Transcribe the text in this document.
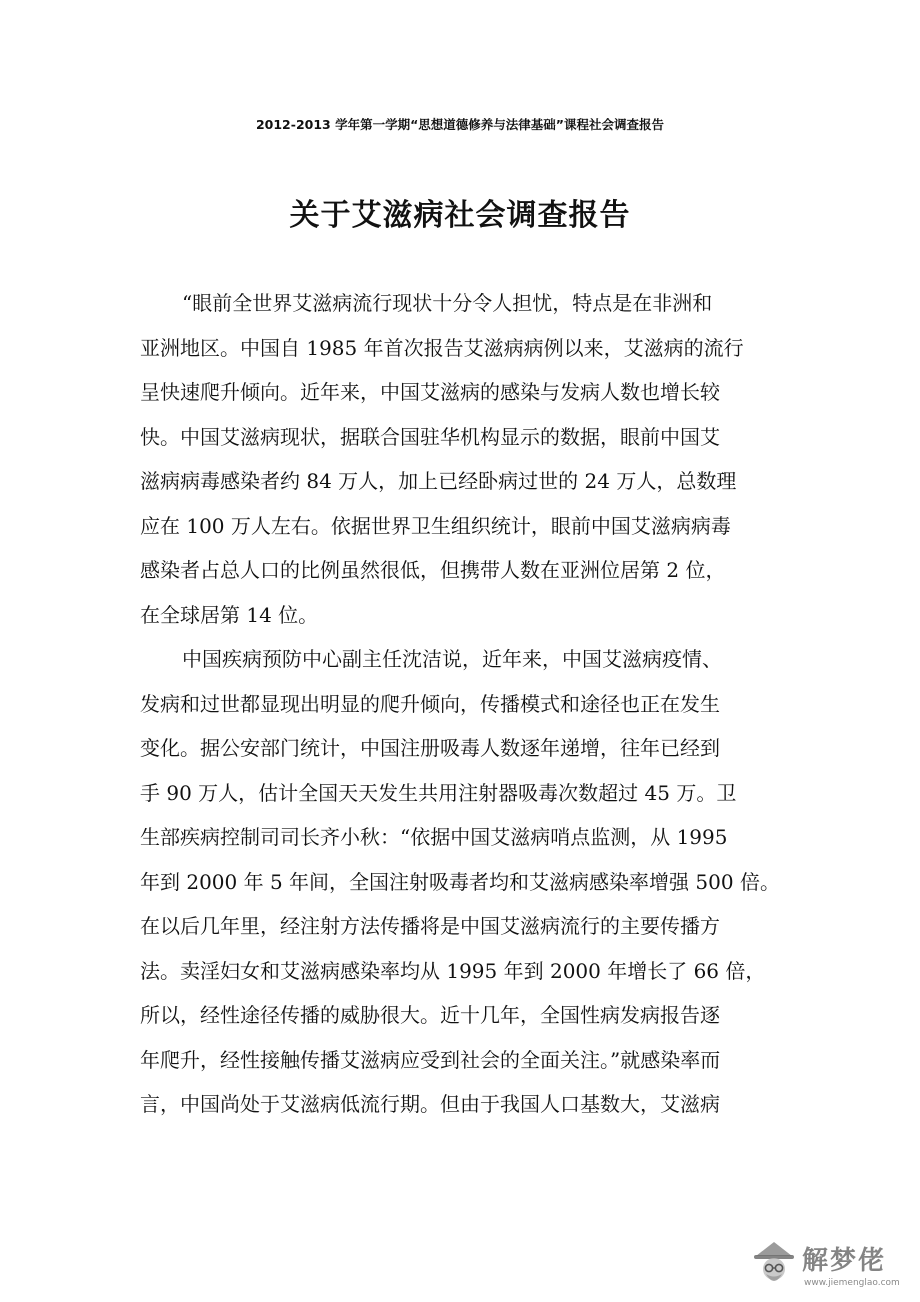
2012-2013 学年第一学期“思想道德修养与法律基础”课程社会调查报告
关于艾滋病社会调查报告
“眼前全世界艾滋病流行现状十分令人担忧，特点是在非洲和
亚洲地区。中国自 1985 年首次报告艾滋病病例以来，艾滋病的流行
呈快速爬升倾向。近年来，中国艾滋病的感染与发病人数也增长较
快。中国艾滋病现状，据联合国驻华机构显示的数据，眼前中国艾
滋病病毒感染者约 84 万人，加上已经卧病过世的 24 万人，总数理
应在 100 万人左右。依据世界卫生组织统计，眼前中国艾滋病病毒
感染者占总人口的比例虽然很低，但携带人数在亚洲位居第 2 位，
在全球居第 14 位。
中国疾病预防中心副主任沈洁说，近年来，中国艾滋病疫情、
发病和过世都显现出明显的爬升倾向，传播模式和途径也正在发生
变化。据公安部门统计，中国注册吸毒人数逐年递增，往年已经到
手 90 万人，估计全国天天发生共用注射器吸毒次数超过 45 万。卫
生部疾病控制司司长齐小秋：“依据中国艾滋病哨点监测，从 1995
年到 2000 年 5 年间，全国注射吸毒者均和艾滋病感染率增强 500 倍。
在以后几年里，经注射方法传播将是中国艾滋病流行的主要传播方
法。卖淫妇女和艾滋病感染率均从 1995 年到 2000 年增长了 66 倍，
所以，经性途径传播的威胁很大。近十几年，全国性病发病报告逐
年爬升，经性接触传播艾滋病应受到社会的全面关注。”就感染率而
言，中国尚处于艾滋病低流行期。但由于我国人口基数大，艾滋病
解梦佬
www.jiemenglao.com
